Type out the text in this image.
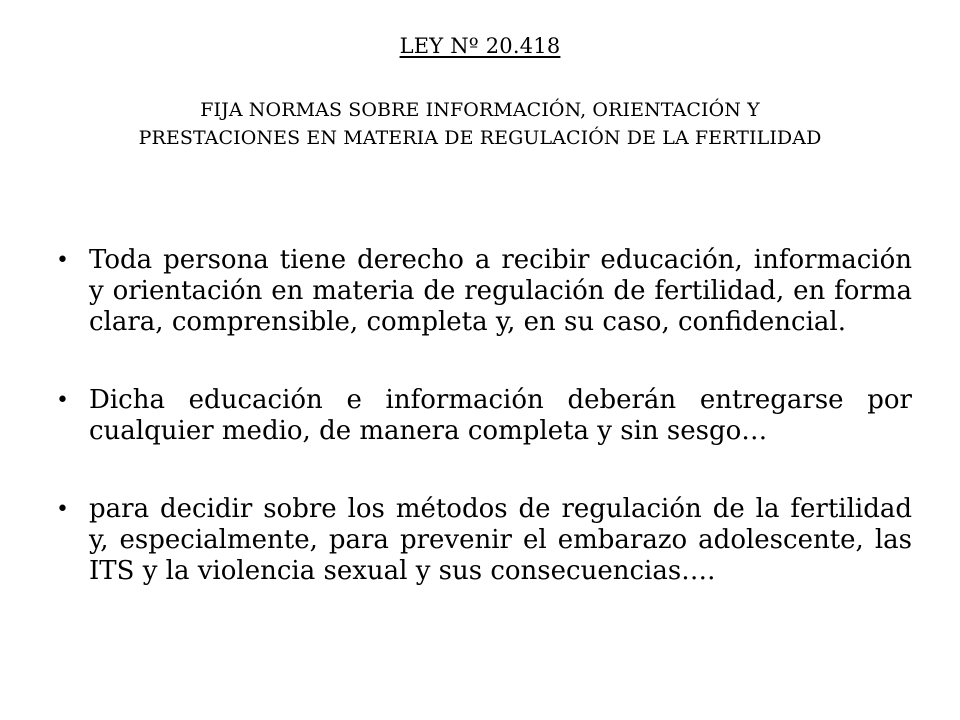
LEY Nº 20.418
FIJA NORMAS SOBRE INFORMACIÓN, ORIENTACIÓN Y PRESTACIONES EN MATERIA DE REGULACIÓN DE LA FERTILIDAD
• Toda persona tiene derecho a recibir educación, información y orientación en materia de regulación de fertilidad, en forma clara, comprensible, completa y, en su caso, confidencial.
• Dicha educación e información deberán entregarse por cualquier medio, de manera completa y sin sesgo…
• para decidir sobre los métodos de regulación de la fertilidad y, especialmente, para prevenir el embarazo adolescente, las ITS y la violencia sexual y sus consecuencias….
